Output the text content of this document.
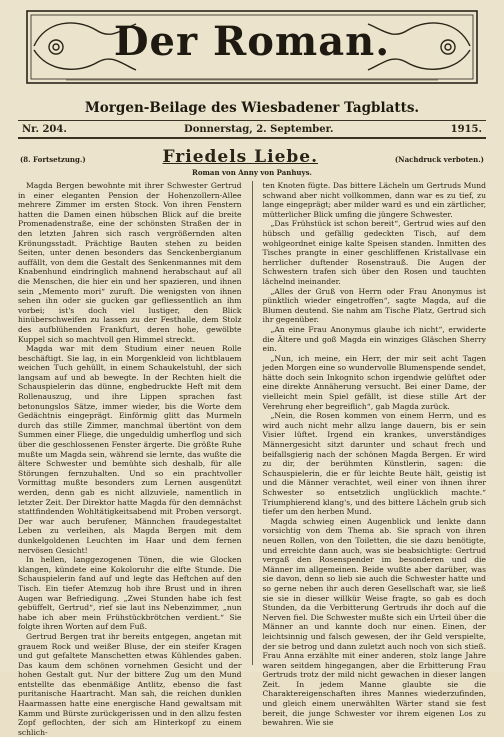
Der Roman.
Morgen-Beilage des Wiesbadener Tagblatts.
Nr. 204.	Donnerstag, 2. September.	1915.
(8. Fortsetzung.)	Friedels Liebe.	(Nachdruck verboten.)
Roman von Anny von Panhuys.

Magda Bergen bewohnte mit ihrer Schwester Gertrud in einer eleganten Pension der Hohenzollern-Allee mehrere Zimmer im ersten Stock. Von ihren Fenstern hatten die Damen einen hübschen Blick auf die breite Promenadenstraße, eine der schönsten Straßen der in den letzten Jahren sich rasch vergrößernden alten Krönungsstadt. Prächtige Bauten stehen zu beiden Seiten, unter denen besonders das Senckenbergianum auffällt, von dem die Gestalt des Senkenmannes mit dem Knabenhund eindringlich mahnend herabschaut auf all die Menschen, die hier ein und her spazieren, und ihnen sein „Memento mori“ zuruft. Die wenigsten von ihnen sehen ihn oder sie gucken gar gefliessentlich an ihm vorbei; ist's doch viel lustiger, den Blick hinüberschweifen zu lassen zu der Festhalle, dem Stolz des aufblühenden Frankfurt, deren hohe, gewölbte Kuppel sich so machtvoll gen Himmel streckt.

Magda war mit dem Studium einer neuen Rolle beschäftigt. Sie lag, in ein Morgenkleid von lichtblauem weichen Tuch gehüllt, in einem Schaukelstuhl, der sich langsam auf und ab bewegte. In der Rechten hielt die Schauspielerin das dünne, engbedruckte Heft mit dem Rollenauszug, und ihre Lippen sprachen fast betonungslos Sätze, immer wieder, bis die Worte dem Gedächtnis eingeprägt. Einförmig glitt das Murmeln durch das stille Zimmer, manchmal übertönt von dem Summen einer Fliege, die ungeduldig umherflog und sich über die geschlossenen Fenster ärgerte. Die größte Ruhe mußte um Magda sein, während sie lernte, das wußte die ältere Schwester und bemühte sich deshalb, für alle Störungen fernzuhalten. Und so ein prachtvoller Vormittag mußte besonders zum Lernen ausgenützt werden, denn gab es nicht allzuviele, namentlich in letzter Zeit. Der Direktor hatte Magda für den demnächst stattfindenden Wohltätigkeitsabend mit Proben versorgt. Der war auch berufener, Männchen fraudegestaltet Leben zu verleihen, als Magda Bergen mit dem dunkelgoldenen Leuchten im Haar und dem fernen nervösen Gesicht!

In hellen, langgezogenen Tönen, die wie Glocken klangen, kündete eine Kokoloruhr die elfte Stunde. Die Schauspielerin fand auf und legte das Heftchen auf den Tisch. Ein tiefer Atemzug hob ihre Brust und in ihren Augen war Befriedigung. „Zwei Stunden habe ich fest gebüffelt, Gertrud“, rief sie laut ins Nebenzimmer, „nun habe ich aber mein Frühstückbrötchen verdient.“ Sie folgte ihren Worten auf dem Fuß.

Gertrud Bergen trat ihr bereits entgegen, angetan mit grauem Rock und weißer Bluse, der ein steifer Kragen und gut gefaltete Manschetten etwas Kühlendes gaben. Das kaum dem schönen vornehmen Gesicht und der hohen Gestalt gut. Nur der bittere Zug um den Mund entstellte das ebenmäßige Antlitz, ebenso die fast puritanische Haartracht. Man sah, die reichen dunklen Haarmassen hatte eine energische Hand gewaltsam mit Kamm und Bürste zurückgerissen und in den allzu festen Zopf geflochten, der sich am Hinterkopf zu einem schlich-

ten Knoten fügte. Das bittere Lächeln um Gertruds Mund schwand aber nicht vollkommen, dann war es zu tief, zu lange eingeprägt; aber milder ward es und ein zärtlicher, mütterlicher Blick umfing die jüngere Schwester.

„Das Frühstück ist schon bereit“, Gertrud wies auf den hübsch und gefällig gedeckten Tisch, auf dem wohlgeordnet einige kalte Speisen standen. Inmitten des Tisches prangte in einer geschliffenen Kristallvase ein herrlicher duftender Rosenstrauß. Die Augen der Schwestern trafen sich über den Rosen und tauchten lächelnd ineinander.

„Alles der Gruß von Herrn oder Frau Anonymus ist pünktlich wieder eingetroffen“, sagte Magda, auf die Blumen deutend. Sie nahm am Tische Platz, Gertrud sich ihr gegenüber.

„An eine Frau Anonymus glaube ich nicht“, erwiderte die Ältere und goß Magda ein winziges Gläschen Sherry ein.

„Nun, ich meine, ein Herr, der mir seit acht Tagen jeden Morgen eine so wundervolle Blumenspende sendet, hätte doch sein Inkognito schon irgendwie gelüftet oder eine direkte Annäherung versucht. Bei einer Dame, der vielleicht mein Spiel gefällt, ist diese stille Art der Verehrung eher begreiflich“, gab Magda zurück.

„Nein, die Rosen kommen von einem Herrn, und es wird auch nicht mehr allzu lange dauern, bis er sein Visier lüftet. Irgend ein krankes, unverständiges Männergesicht sitzt darunter und schaut frech und beifallsgierig nach der schönen Magda Bergen. Er wird zu dir, der berühmten Künstlerin, sagen: die Schauspielerin, die er für leichte Beute hält, geistig ist und die Männer verachtet, weil einer von ihnen ihrer Schwester so entsetzlich unglücklich machte.“ Triumphierend klang's, und des bittere Lächeln grub sich tiefer um den herben Mund.

Magda schwieg einen Augenblick und lenkte dann vorsichtig von dem Thema ab. Sie sprach von ihren neuen Rollen, von den Toiletten, die sie dazu benötigte, und erreichte dann auch, was sie beabsichtigte: Gertrud vergaß den Rosenspender im besonderen und die Männer im allgemeinen. Beide wußte aber darüber, was sie davon, denn so lieb sie auch die Schwester hatte und so gerne neben ihr auch deren Gesellschaft war, sie ließ sie sie in dieser willkür Weise fragte, so gab es doch Stunden, da die Verbitterung Gertruds ihr doch auf die Nerven fiel. Die Schwester mußte sich ein Urteil über die Männer an und kannte doch nur einen. Einen, der leichtsinnig und falsch gewesen, der ihr Geld verspielte, der sie betrog und dann zuletzt auch noch von sich stieß. Frau Anna erzählte mit einer anderen, stolz lange Jahre waren seitdem hingegangen, aber die Erbitterung Frau Gertruds trotz der mild nicht gewachen in dieser langen Zeit. In jedem Manne glaubte sie die Charaktereigenschaften ihres Mannes wiederzufinden, und gleich einem unerwählten Wärter stand sie fest bereit, die junge Schwester vor ihrem eigenen Los zu bewahren. Wie sie
